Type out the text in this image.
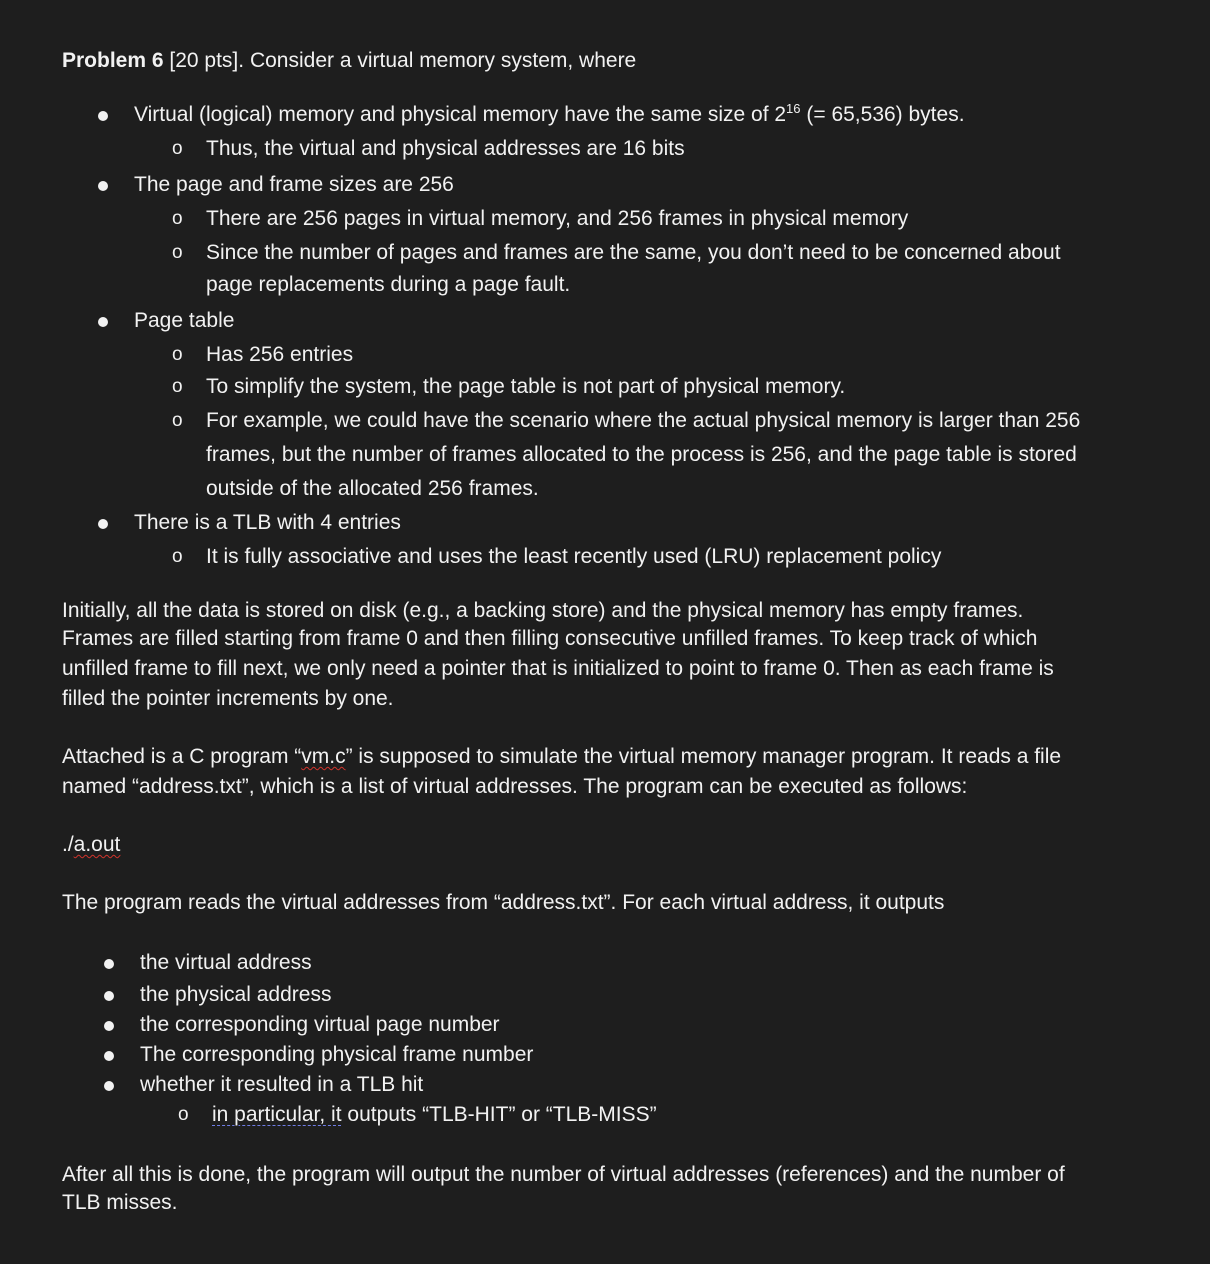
Problem 6 [20 pts]. Consider a virtual memory system, where
Virtual (logical) memory and physical memory have the same size of $2^{16}$ (= 65,536) bytes.
o Thus, the virtual and physical addresses are 16 bits
The page and frame sizes are 256
o There are 256 pages in virtual memory, and 256 frames in physical memory
o Since the number of pages and frames are the same, you don’t need to be concerned about
page replacements during a page fault.
Page table
o Has 256 entries
o To simplify the system, the page table is not part of physical memory.
o For example, we could have the scenario where the actual physical memory is larger than 256
frames, but the number of frames allocated to the process is 256, and the page table is stored
outside of the allocated 256 frames.
There is a TLB with 4 entries
o It is fully associative and uses the least recently used (LRU) replacement policy
Initially, all the data is stored on disk (e.g., a backing store) and the physical memory has empty frames.
Frames are filled starting from frame 0 and then filling consecutive unfilled frames. To keep track of which
unfilled frame to fill next, we only need a pointer that is initialized to point to frame 0. Then as each frame is
filled the pointer increments by one.
Attached is a C program “vm.c” is supposed to simulate the virtual memory manager program. It reads a file
named “address.txt”, which is a list of virtual addresses. The program can be executed as follows:
./a.out
The program reads the virtual addresses from “address.txt”. For each virtual address, it outputs
the virtual address
the physical address
the corresponding virtual page number
The corresponding physical frame number
whether it resulted in a TLB hit
o in particular, it outputs “TLB-HIT” or “TLB-MISS”
After all this is done, the program will output the number of virtual addresses (references) and the number of
TLB misses.
